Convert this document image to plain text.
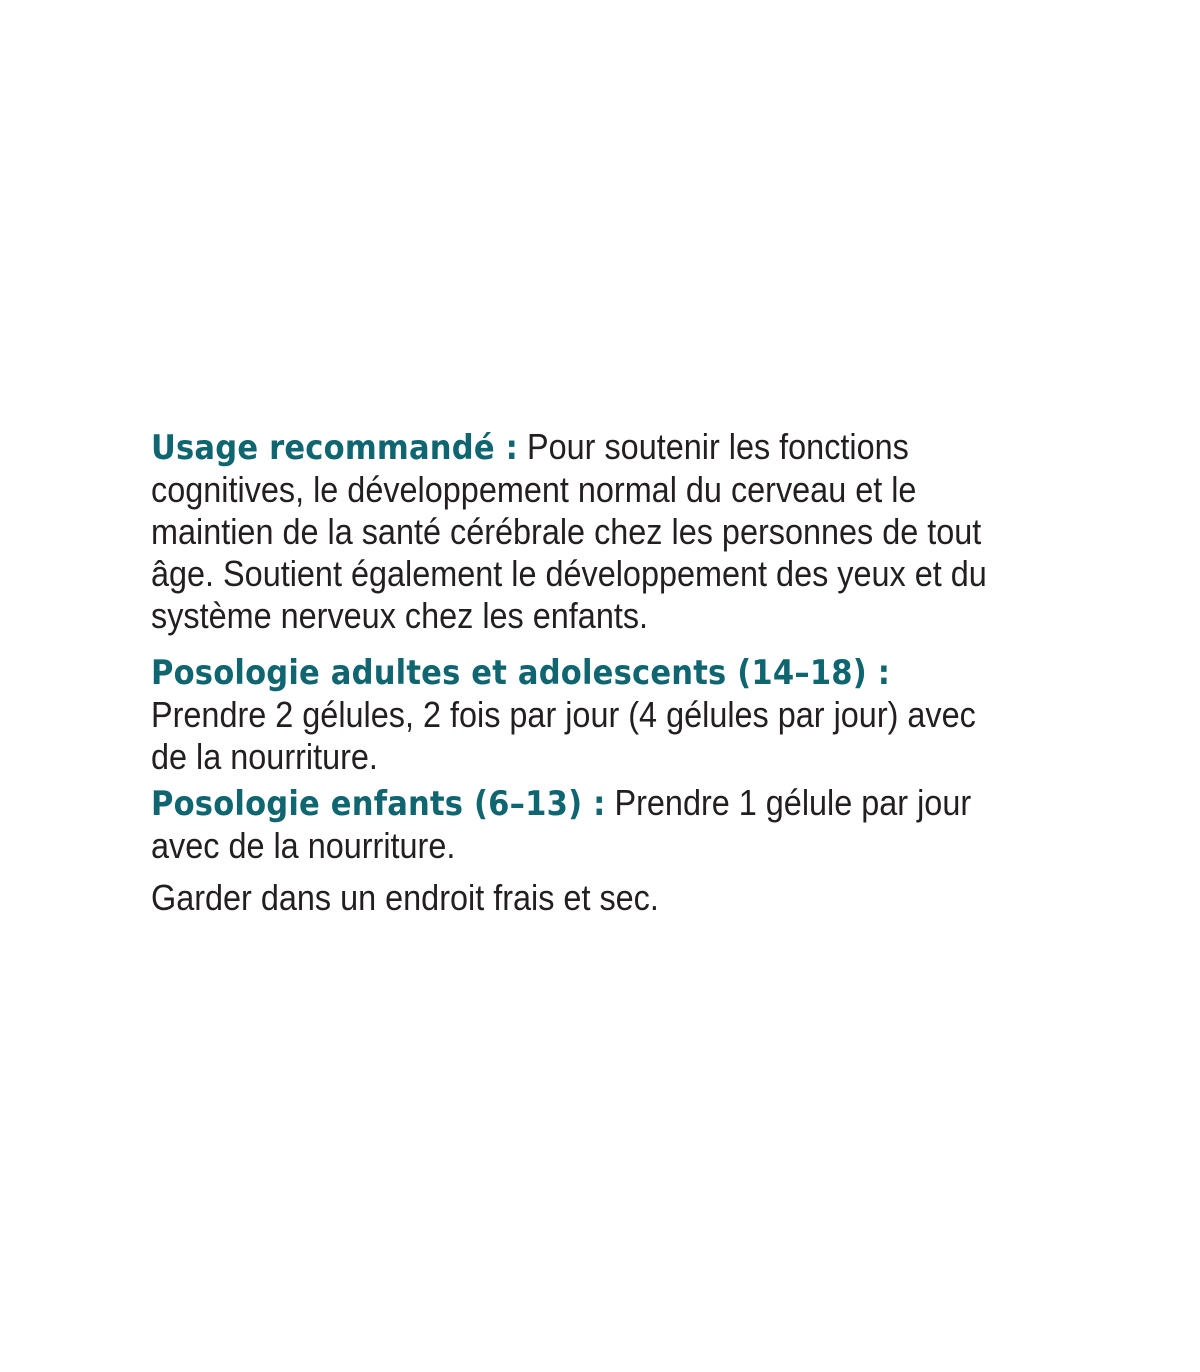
Usage recommandé : Pour soutenir les fonctions cognitives, le développement normal du cerveau et le maintien de la santé cérébrale chez les personnes de tout âge. Soutient également le développement des yeux et du système nerveux chez les enfants.

Posologie adultes et adolescents (14–18) :
Prendre 2 gélules, 2 fois par jour (4 gélules par jour) avec de la nourriture.

Posologie enfants (6–13) : Prendre 1 gélule par jour avec de la nourriture.

Garder dans un endroit frais et sec.
